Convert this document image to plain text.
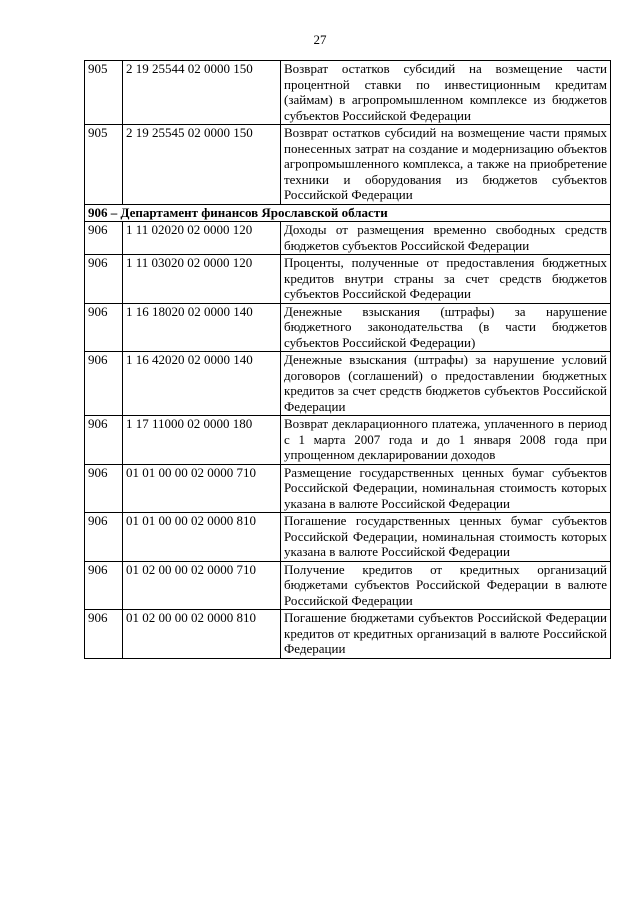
27
905	2 19 25544 02 0000 150	Возврат остатков субсидий на возмещение части процентной ставки по инвестиционным кредитам (займам) в агропромышленном комплексе из бюджетов субъектов Российской Федерации
905	2 19 25545 02 0000 150	Возврат остатков субсидий на возмещение части прямых понесенных затрат на создание и модернизацию объектов агропромышленного комплекса, а также на приобретение техники и оборудования из бюджетов субъектов Российской Федерации
906 – Департамент финансов Ярославской области		
906	1 11 02020 02 0000 120	Доходы от размещения временно свободных средств бюджетов субъектов Российской Федерации
906	1 11 03020 02 0000 120	Проценты, полученные от предоставления бюджетных кредитов внутри страны за счет средств бюджетов субъектов Российской Федерации
906	1 16 18020 02 0000 140	Денежные взыскания (штрафы) за нарушение бюджетного законодательства (в части бюджетов субъектов Российской Федерации)
906	1 16 42020 02 0000 140	Денежные взыскания (штрафы) за нарушение условий договоров (соглашений) о предоставлении бюджетных кредитов за счет средств бюджетов субъектов Российской Федерации
906	1 17 11000 02 0000 180	Возврат декларационного платежа, уплаченного в период с 1 марта 2007 года и до 1 января 2008 года при упрощенном декларировании доходов
906	01 01 00 00 02 0000 710	Размещение государственных ценных бумаг субъектов Российской Федерации, номинальная стоимость которых указана в валюте Российской Федерации
906	01 01 00 00 02 0000 810	Погашение государственных ценных бумаг субъектов Российской Федерации, номинальная стоимость которых указана в валюте Российской Федерации
906	01 02 00 00 02 0000 710	Получение кредитов от кредитных организаций бюджетами субъектов Российской Федерации в валюте Российской Федерации
906	01 02 00 00 02 0000 810	Погашение бюджетами субъектов Российской Федерации кредитов от кредитных организаций в валюте Российской Федерации
